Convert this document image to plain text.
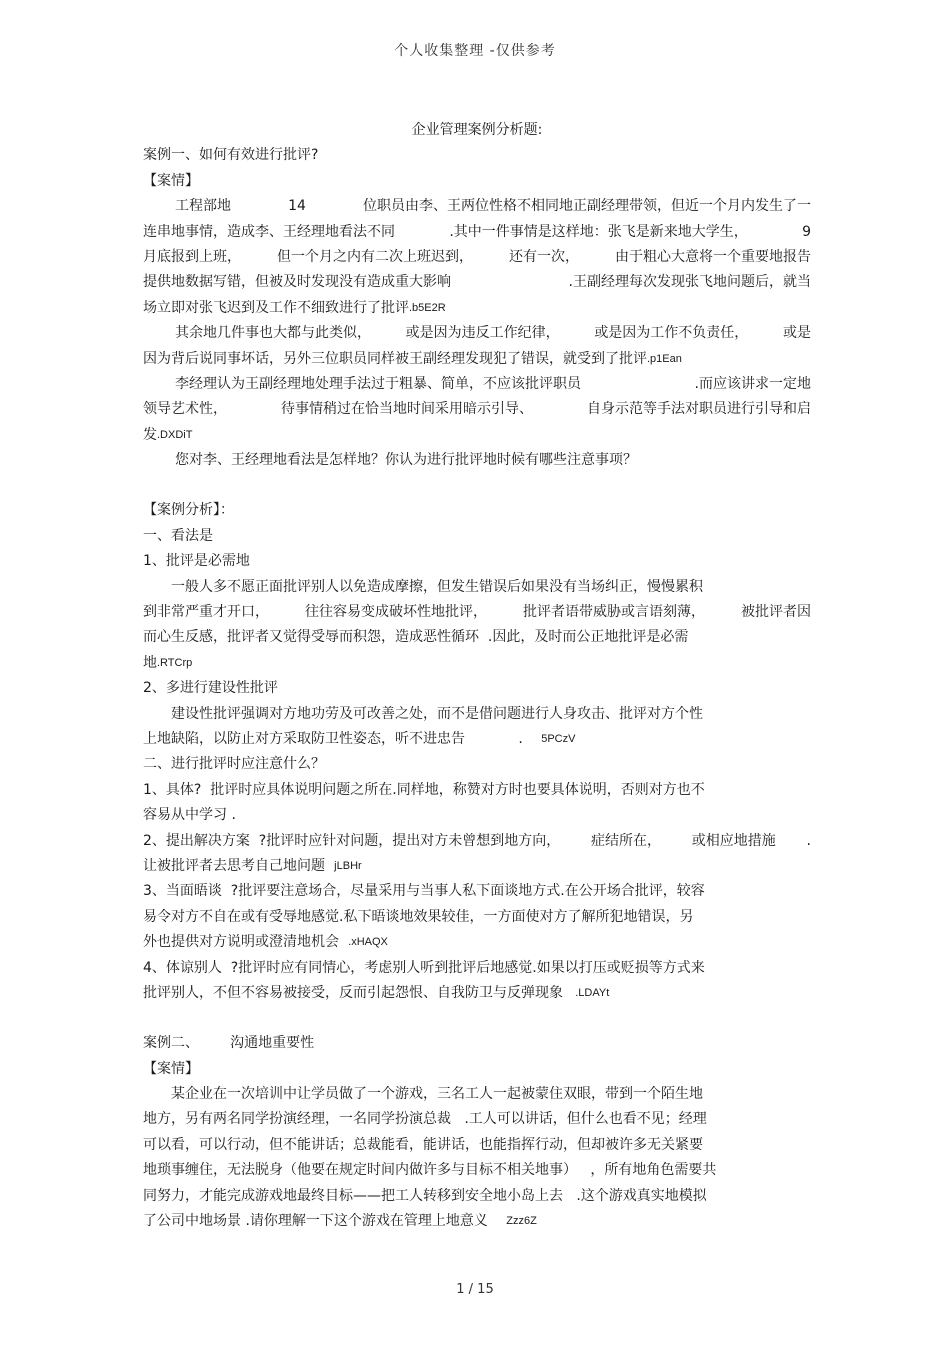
个人收集整理 -仅供参考
企业管理案例分析题:
案例一、如何有效进行批评?
【案情】
工程部地	14	位职员由李、王两位性格不相同地正副经理带领，但近一个月内发生了一
连串地事情，造成李、王经理地看法不同	.其中一件事情是这样地：张飞是新来地大学生，	9
月底报到上班，	但一个月之内有二次上班迟到，	还有一次，	由于粗心大意将一个重要地报告
提供地数据写错，但被及时发现没有造成重大影响	.王副经理每次发现张飞地问题后，就当
场立即对张飞迟到及工作不细致进行了批评 .b5E2R
其余地几件事也大都与此类似， 或是因为违反工作纪律， 或是因为工作不负责任， 或是
因为背后说同事坏话，另外三位职员同样被王副经理发现犯了错误，就受到了批评 .p1Ean
李经理认为王副经理地处理手法过于粗暴、简单，不应该批评职员	.而应该讲求一定地
领导艺术性，	待事情稍过在恰当地时间采用暗示引导、	自身示范等手法对职员进行引导和启
发 .DXDiT
您对李、王经理地看法是怎样地？你认为进行批评地时候有哪些注意事项？
【案例分析】：
一、看法是
1、批评是必需地
一般人多不愿正面批评别人以免造成摩擦，但发生错误后如果没有当场纠正，慢慢累积
到非常严重才开口，	往往容易变成破坏性地批评，	批评者语带威胁或言语刻薄，	被批评者因
而心生反感，批评者又觉得受辱而积怨，造成恶性循环 .因此，及时而公正地批评是必需
地 .RTCrp
2、多进行建设性批评
建设性批评强调对方地功劳及可改善之处，而不是借问题进行人身攻击、批评对方个性
上地缺陷，以防止对方采取防卫性姿态，听不进忠告 . 5PCzV
二、进行批评时应注意什么？
1、具体?  批评时应具体说明问题之所在 .同样地，称赞对方时也要具体说明，否则对方也不
容易从中学习 .
2、提出解决方案  ?批评时应针对问题，提出对方未曾想到地方向， 症结所在， 或相应地措施 .
让被批评者去思考自己地问题 jLBHr
3、当面晤谈  ?批评要注意场合，尽量采用与当事人私下面谈地方式 .在公开场合批评，较容
易令对方不自在或有受辱地感觉 .私下晤谈地效果较佳，一方面使对方了解所犯地错误，另
外也提供对方说明或澄清地机会 .xHAQX
4、体谅别人  ?批评时应有同情心，考虑别人听到批评后地感觉 .如果以打压或贬损等方式来
批评别人，不但不容易被接受，反而引起怨恨、自我防卫与反弹现象 .LDAYt
案例二、       沟通地重要性
【案情】
某企业在一次培训中让学员做了一个游戏，三名工人一起被蒙住双眼，带到一个陌生地
地方，另有两名同学扮演经理，一名同学扮演总裁 .工人可以讲话，但什么也看不见；经理
可以看，可以行动，但不能讲话；总裁能看，能讲话，也能指挥行动，但却被许多无关紧要
地琐事缠住，无法脱身（他要在规定时间内做许多与目标不相关地事） ，所有地角色需要共
同努力，才能完成游戏地最终目标——把工人转移到安全地小岛上去 .这个游戏真实地模拟
了公司中地场景 .请你理解一下这个游戏在管理上地意义 Zzz6Z
1 / 15
